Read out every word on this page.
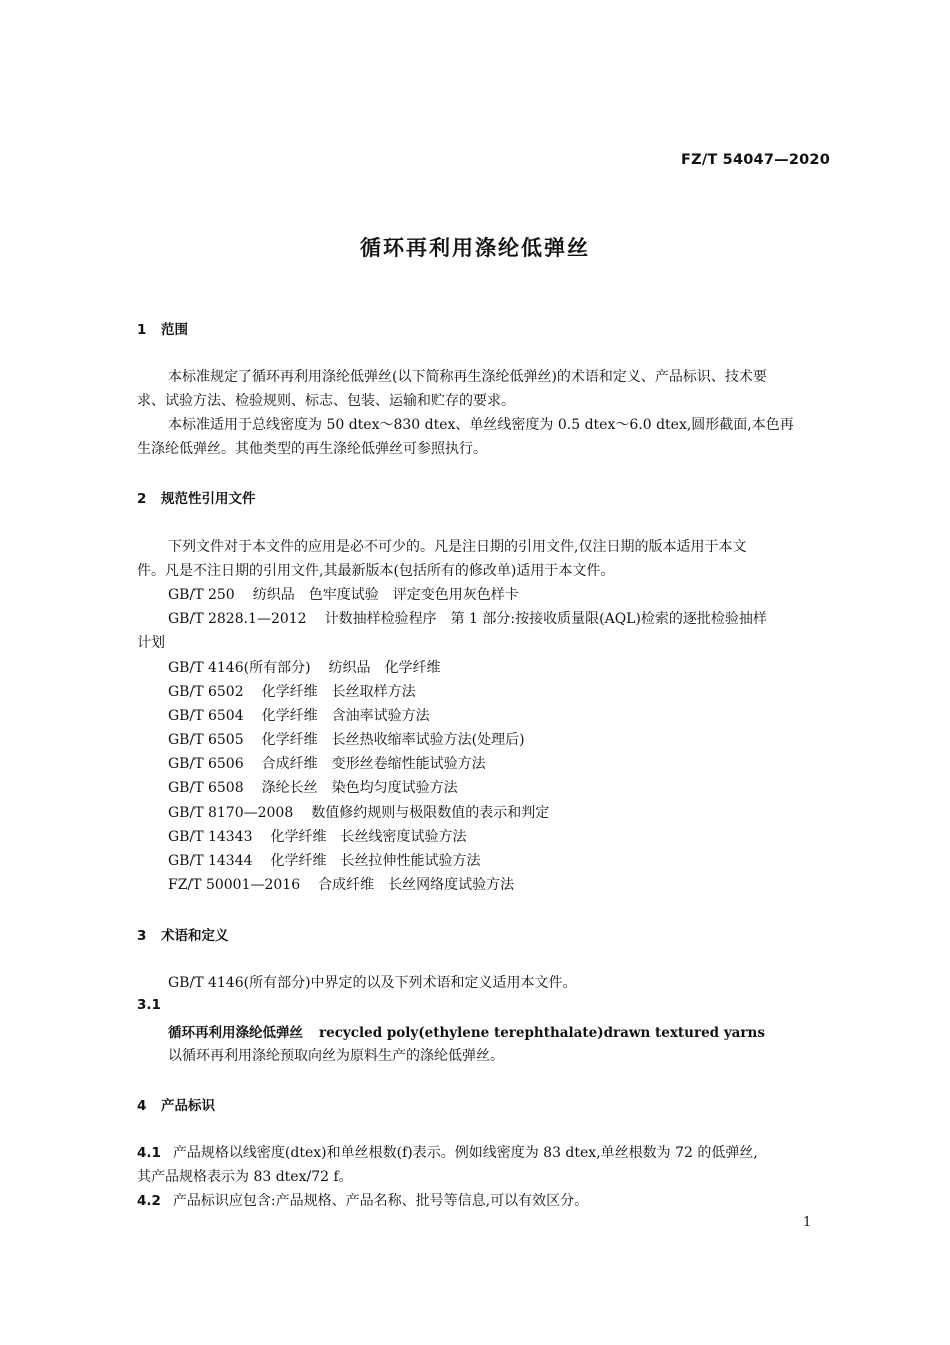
FZ/T 54047—2020
循环再利用涤纶低弹丝
1 范围
本标准规定了循环再利用涤纶低弹丝(以下简称再生涤纶低弹丝)的术语和定义、产品标识、技术要
求、试验方法、检验规则、标志、包装、运输和贮存的要求。
本标准适用于总线密度为 50 dtex～830 dtex、单丝线密度为 0.5 dtex～6.0 dtex,圆形截面,本色再
生涤纶低弹丝。其他类型的再生涤纶低弹丝可参照执行。
2 规范性引用文件
下列文件对于本文件的应用是必不可少的。凡是注日期的引用文件,仅注日期的版本适用于本文
件。凡是不注日期的引用文件,其最新版本(包括所有的修改单)适用于本文件。
GB/T 250 纺织品　色牢度试验　评定变色用灰色样卡
GB/T 2828.1—2012 计数抽样检验程序　第 1 部分:按接收质量限(AQL)检索的逐批检验抽样
计划
GB/T 4146(所有部分) 纺织品　化学纤维
GB/T 6502 化学纤维　长丝取样方法
GB/T 6504 化学纤维　含油率试验方法
GB/T 6505 化学纤维　长丝热收缩率试验方法(处理后)
GB/T 6506 合成纤维　变形丝卷缩性能试验方法
GB/T 6508 涤纶长丝　染色均匀度试验方法
GB/T 8170—2008 数值修约规则与极限数值的表示和判定
GB/T 14343 化学纤维　长丝线密度试验方法
GB/T 14344 化学纤维　长丝拉伸性能试验方法
FZ/T 50001—2016 合成纤维　长丝网络度试验方法
3 术语和定义
GB/T 4146(所有部分)中界定的以及下列术语和定义适用本文件。
3.1
循环再利用涤纶低弹丝 recycled poly(ethylene terephthalate)drawn textured yarns
以循环再利用涤纶预取向丝为原料生产的涤纶低弹丝。
4 产品标识
4.1 产品规格以线密度(dtex)和单丝根数(f)表示。例如线密度为 83 dtex,单丝根数为 72 的低弹丝,
其产品规格表示为 83 dtex/72 f。
4.2 产品标识应包含:产品规格、产品名称、批号等信息,可以有效区分。
1
